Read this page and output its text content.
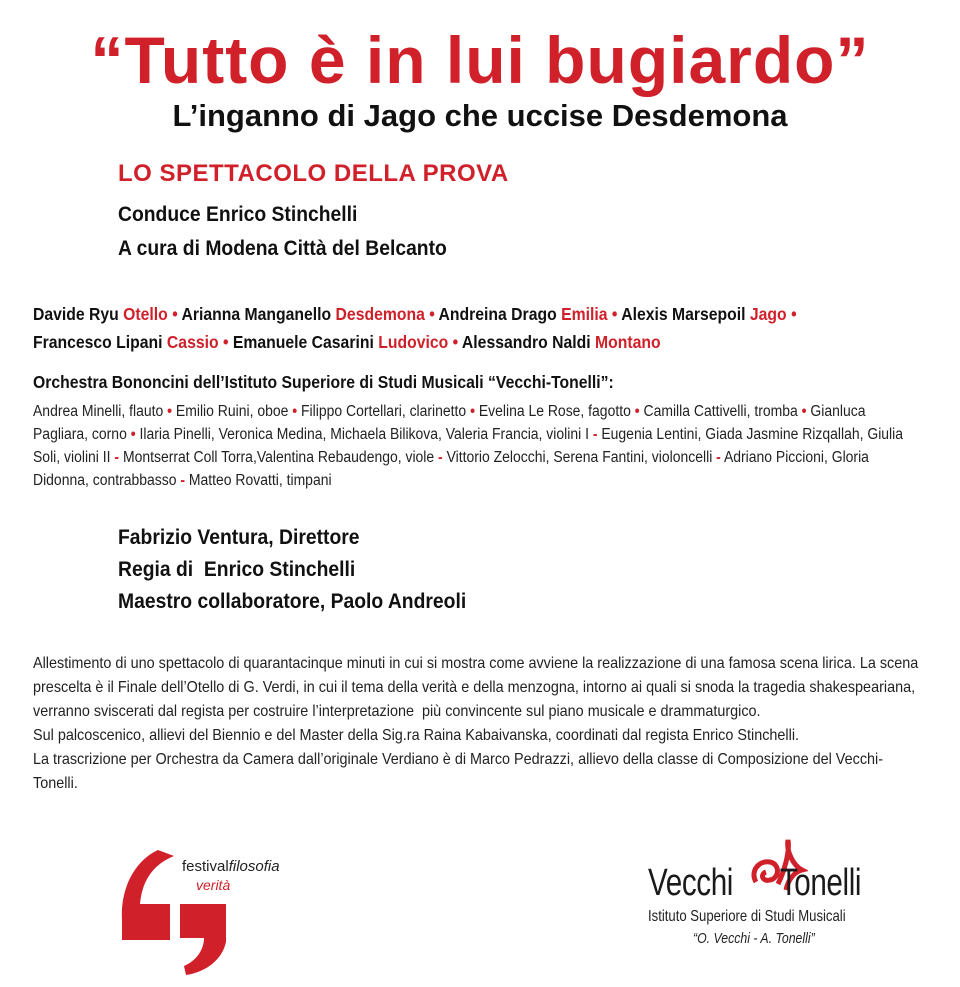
“Tutto è in lui bugiardo”
L’inganno di Jago che uccise Desdemona
LO SPETTACOLO DELLA PROVA
Conduce Enrico Stinchelli
A cura di Modena Città del Belcanto
Davide Ryu Otello • Arianna Manganello Desdemona • Andreina Drago Emilia • Alexis Marsepoil Jago •
Francesco Lipani Cassio • Emanuele Casarini Ludovico • Alessandro Naldi Montano
Orchestra Bononcini dell’Istituto Superiore di Studi Musicali “Vecchi-Tonelli”:
Andrea Minelli, flauto • Emilio Ruini, oboe • Filippo Cortellari, clarinetto • Evelina Le Rose, fagotto • Camilla Cattivelli, tromba • Gianluca Pagliara, corno • Ilaria Pinelli, Veronica Medina, Michaela Bilikova, Valeria Francia, violini I - Eugenia Lentini, Giada Jasmine Rizqallah, Giulia Soli, violini II - Montserrat Coll Torra,Valentina Rebaudengo, viole - Vittorio Zelocchi, Serena Fantini, violoncelli - Adriano Piccioni, Gloria Didonna, contrabbasso - Matteo Rovatti, timpani
Fabrizio Ventura, Direttore
Regia di  Enrico Stinchelli
Maestro collaboratore, Paolo Andreoli

Allestimento di uno spettacolo di quarantacinque minuti in cui si mostra come avviene la realizzazione di una famosa scena lirica. La scena prescelta è il Finale dell’Otello di G. Verdi, in cui il tema della verità e della menzogna, intorno ai quali si snoda la tragedia shakespeariana, verranno sviscerati dal regista per costruire l’interpretazione  più convincente sul piano musicale e drammaturgico.

Sul palcoscenico, allievi del Biennio e del Master della Sig.ra Raina Kabaivanska, coordinati dal regista Enrico Stinchelli.

La trascrizione per Orchestra da Camera dall’originale Verdiano è di Marco Pedrazzi, allievo della classe di Composizione del Vecchi-Tonelli.

festivalfilosofia
verità	Vecchi Tonelli
Istituto Superiore di Studi Musicali
“O. Vecchi - A. Tonelli”
